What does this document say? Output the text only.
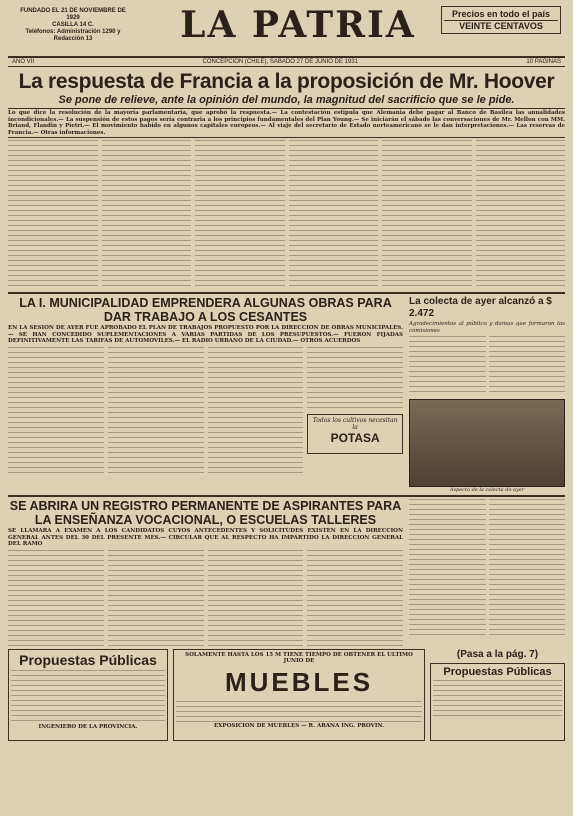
FUNDADO EL 21 DE NOVIEMBRE DE 1929
CASILLA 14 C.
Teléfonos: Administración 1290 y Redacción 13	LA PATRIA	Precios en todo el país
VEINTE CENTAVOS
AÑO VII	CONCEPCION (CHILE), SABADO 27 DE JUNIO DE 1931	10 PAGINAS
La respuesta de Francia a la proposición de Mr. Hoover
Se pone de relieve, ante la opinión del mundo, la magnitud del sacrificio que se le pide.
Lo que dice la resolución de la mayoría parlamentaria, que aprobó la respuesta.— La contestación estipula que Alemania debe pagar al Banco de Basilea las anualidades incondicionales.— La suspensión de estos pagos sería contraria a los principios fundamentales del Plan Young.— Se iniciarán el sábado las conversaciones de Mr. Mellon con MM. Briand, Flandin y Pietri.— El movimiento habido en algunos capitales europeos.— Al viaje del secretario de Estado norteamericano se le dan interpretaciones.— Las reservas de Francia.— Otras informaciones.
LA I. MUNICIPALIDAD EMPRENDERA ALGUNAS OBRAS PARA DAR TRABAJO A LOS CESANTES
EN LA SESION DE AYER FUE APROBADO EL PLAN DE TRABAJOS PROPUESTO POR LA DIRECCION DE OBRAS MUNICIPALES.— SE HAN CONCEDIDO SUPLEMENTACIONES A VARIAS PARTIDAS DE LOS PRESUPUESTOS.— FUERON FIJADAS DEFINITIVAMENTE LAS TARIFAS DE AUTOMOVILES.— EL RADIO URBANO DE LA CIUDAD.— OTROS ACUERDOS
Todos los cultivos necesitan la
POTASA
La colecta de ayer alcanzó a $ 2.472
Agradecimientos al público y damas que formaron las comisiones
Aspecto de la colecta de ayer
SE ABRIRA UN REGISTRO PERMANENTE DE ASPIRANTES PARA LA ENSEÑANZA VOCACIONAL, O ESCUELAS TALLERES
SE LLAMARA A EXAMEN A LOS CANDIDATOS CUYOS ANTECEDENTES Y SOLICITUDES EXISTEN EN LA DIRECCION GENERAL ANTES DEL 30 DEL PRESENTE MES.— CIRCULAR QUE AL RESPECTO HA IMPARTIDO LA DIRECCION GENERAL DEL RAMO
Propuestas Públicas
INGENIERO DE LA PROVINCIA.
SOLAMENTE HASTA LOS 15 M TIENE TIEMPO DE OBTENER EL ULTIMO JUNIO DE
MUEBLES
EXPOSICION DE MUEBLES — R. ARANA ING. PROVIN.
(Pasa a la pág. 7)
Propuestas Públicas
